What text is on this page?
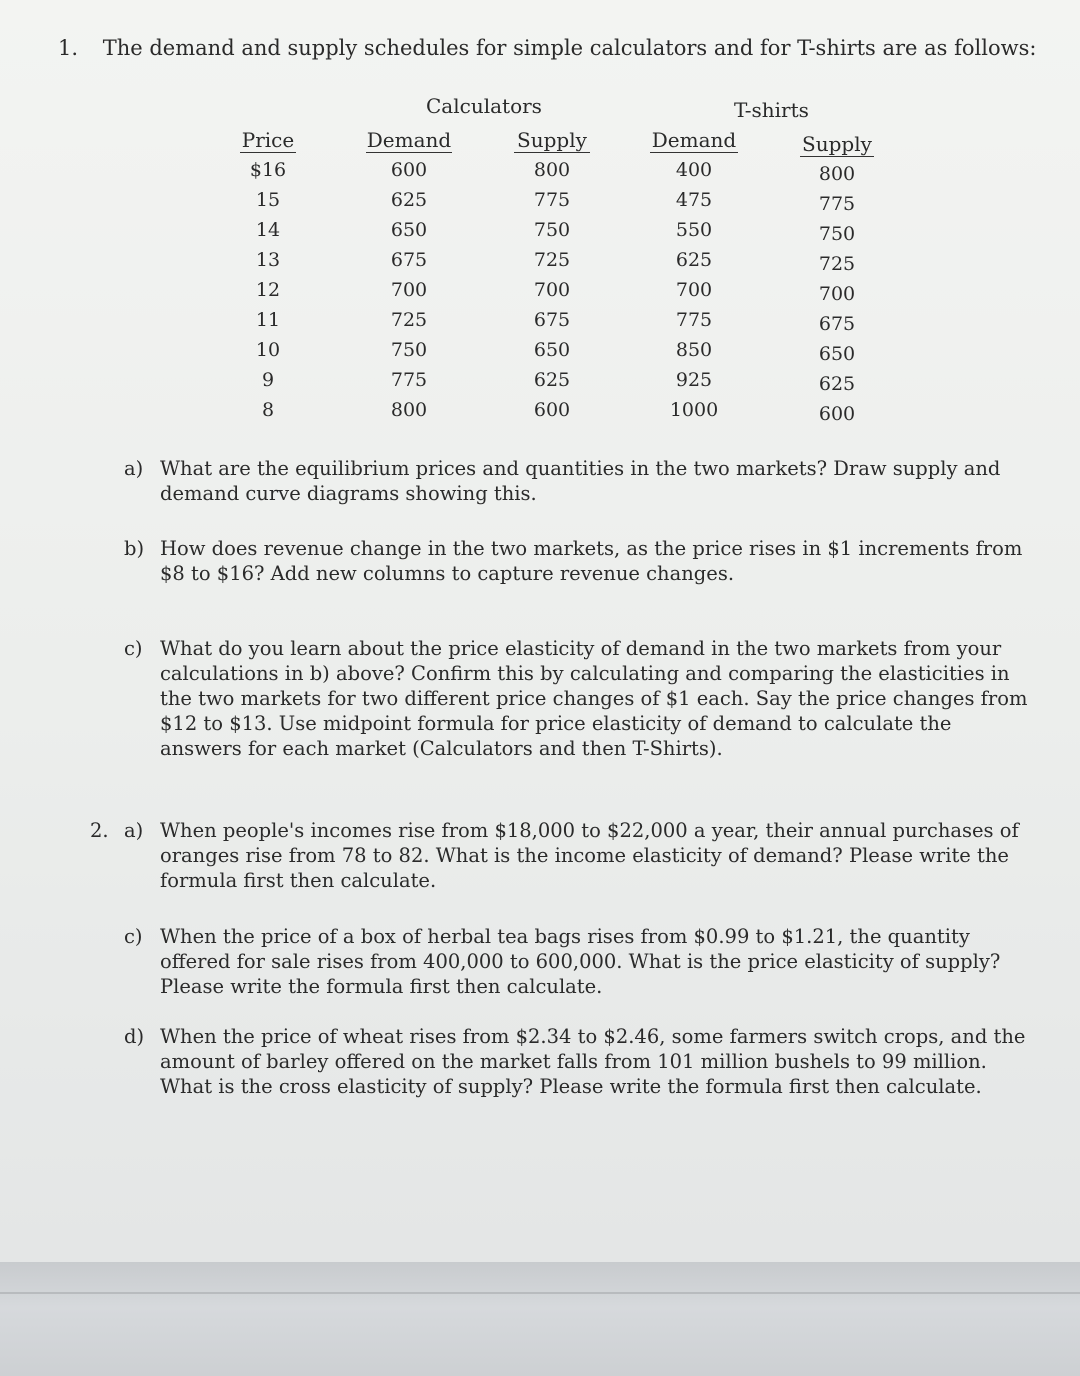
1. The demand and supply schedules for simple calculators and for T-shirts are as follows:
Calculators	T-shirts
Price
$16
15
14
13
12
11
10
9
8
Demand
600
625
650
675
700
725
750
775
800
Supply
800
775
750
725
700
675
650
625
600
Demand
400
475
550
625
700
775
850
925
1000
Supply
800
775
750
725
700
675
650
625
600
a) What are the equilibrium prices and quantities in the two markets? Draw supply and
demand curve diagrams showing this.
b) How does revenue change in the two markets, as the price rises in $1 increments from
$8 to $16? Add new columns to capture revenue changes.
c) What do you learn about the price elasticity of demand in the two markets from your
calculations in b) above? Confirm this by calculating and comparing the elasticities in
the two markets for two different price changes of $1 each. Say the price changes from
$12 to $13. Use midpoint formula for price elasticity of demand to calculate the
answers for each market (Calculators and then T-Shirts).
2. a) When people's incomes rise from $18,000 to $22,000 a year, their annual purchases of
oranges rise from 78 to 82. What is the income elasticity of demand? Please write the
formula first then calculate.
c) When the price of a box of herbal tea bags rises from $0.99 to $1.21, the quantity
offered for sale rises from 400,000 to 600,000. What is the price elasticity of supply?
Please write the formula first then calculate.
d) When the price of wheat rises from $2.34 to $2.46, some farmers switch crops, and the
amount of barley offered on the market falls from 101 million bushels to 99 million.
What is the cross elasticity of supply? Please write the formula first then calculate.
